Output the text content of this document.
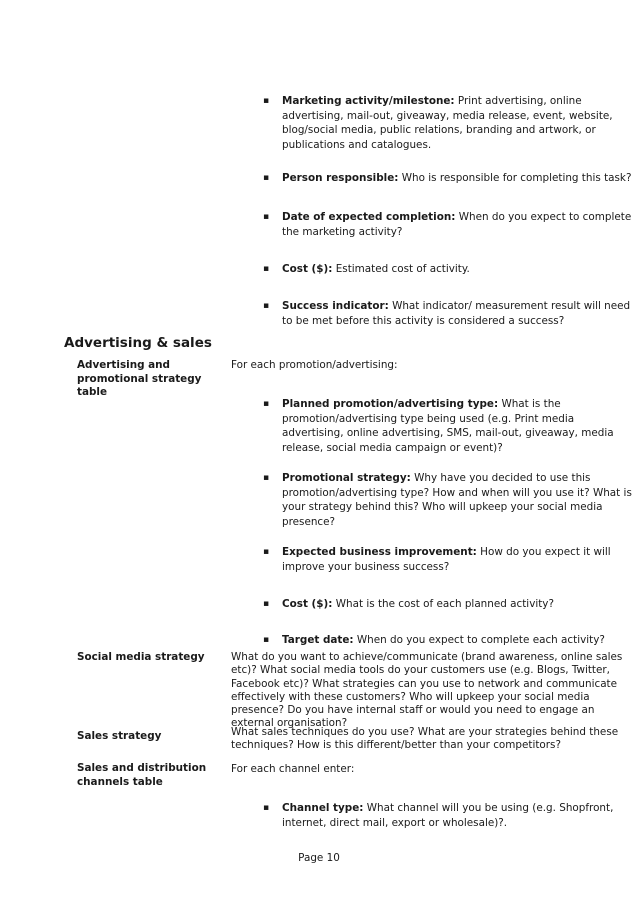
▪ Marketing activity/milestone: Print advertising, online advertising, mail-out, giveaway, media release, event, website, blog/social media, public relations, branding and artwork, or publications and catalogues.
▪ Person responsible: Who is responsible for completing this task?
▪ Date of expected completion: When do you expect to complete the marketing activity?
▪ Cost ($): Estimated cost of activity.
▪ Success indicator: What indicator/ measurement result will need to be met before this activity is considered a success?
Advertising & sales
Advertising and promotional strategy table
For each promotion/advertising:
▪ Planned promotion/advertising type: What is the promotion/advertising type being used (e.g. Print media advertising, online advertising, SMS, mail-out, giveaway, media release, social media campaign or event)?
▪ Promotional strategy: Why have you decided to use this promotion/advertising type? How and when will you use it? What is your strategy behind this? Who will upkeep your social media presence?
▪ Expected business improvement: How do you expect it will improve your business success?
▪ Cost ($): What is the cost of each planned activity?
▪ Target date: When do you expect to complete each activity?
Social media strategy	What do you want to achieve/communicate (brand awareness, online sales etc)? What social media tools do your customers use (e.g. Blogs, Twitter, Facebook etc)? What strategies can you use to network and communicate effectively with these customers? Who will upkeep your social media presence? Do you have internal staff or would you need to engage an external organisation?
Sales strategy	What sales techniques do you use? What are your strategies behind these techniques? How is this different/better than your competitors?
Sales and distribution channels table
For each channel enter:
▪ Channel type: What channel will you be using (e.g. Shopfront, internet, direct mail, export or wholesale)?.
Page 10
